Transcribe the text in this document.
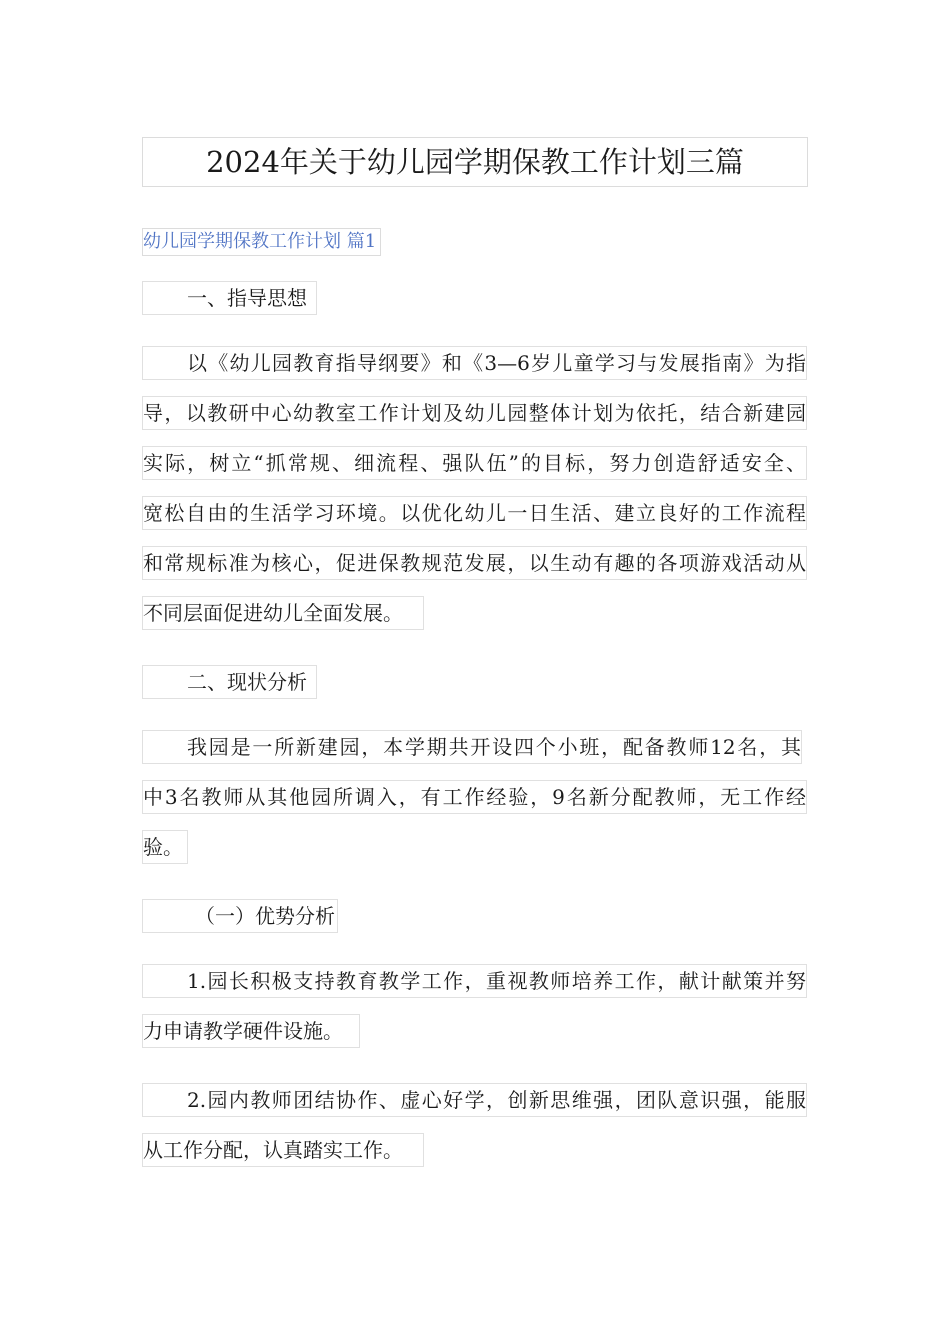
2024年关于幼儿园学期保教工作计划三篇
幼儿园学期保教工作计划 篇1
一、指导思想
以《幼儿园教育指导纲要》和《3—6岁儿童学习与发展指南》为指
导，以教研中心幼教室工作计划及幼儿园整体计划为依托，结合新建园
实际，树立“抓常规、细流程、强队伍”的目标，努力创造舒适安全、
宽松自由的生活学习环境。以优化幼儿一日生活、建立良好的工作流程
和常规标准为核心，促进保教规范发展，以生动有趣的各项游戏活动从
不同层面促进幼儿全面发展。
二、现状分析
我园是一所新建园，本学期共开设四个小班，配备教师12名，其
中3名教师从其他园所调入，有工作经验，9名新分配教师，无工作经
验。
（一）优势分析
1.园长积极支持教育教学工作，重视教师培养工作，献计献策并努
力申请教学硬件设施。
2.园内教师团结协作、虚心好学，创新思维强，团队意识强，能服
从工作分配，认真踏实工作。
